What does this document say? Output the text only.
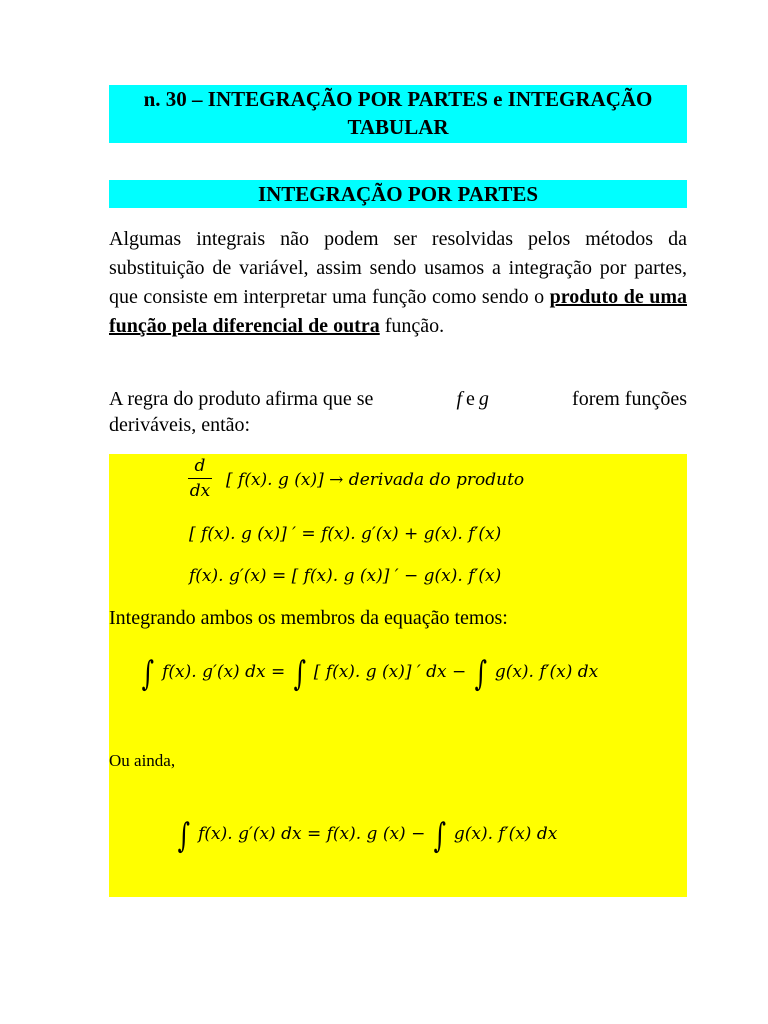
n. 30 – INTEGRAÇÃO POR PARTES e INTEGRAÇÃO
TABULAR
INTEGRAÇÃO POR PARTES
Algumas integrais não podem ser resolvidas pelos métodos da substituição de variável, assim sendo usamos a integração por partes, que consiste em interpretar uma função como sendo o produto de uma função pela diferencial de outra função.
A regra do produto afirma que se	f e g	forem funções
deriváveis, então:
d
dx
[ f(x). g (x)] → derivada do produto
[ f(x). g (x)] ′ = f(x). g′(x) + g(x). f′(x)
f(x). g′(x) = [ f(x). g (x)] ′ − g(x). f′(x)
Integrando ambos os membros da equação temos:
∫ f(x). g′(x) dx = ∫ [ f(x). g (x)] ′ dx − ∫ g(x). f′(x) dx
Ou ainda,
∫ f(x). g′(x) dx = f(x). g (x) − ∫ g(x). f′(x) dx
